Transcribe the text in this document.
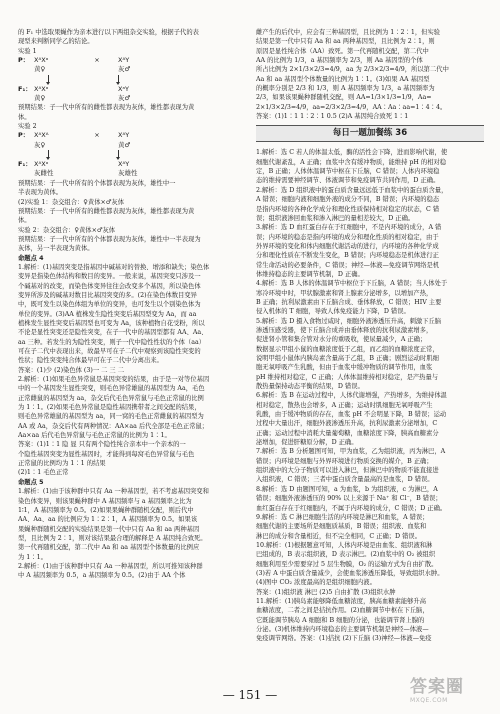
的 F₁ 中选取果蝇作为亲本进行以下两组杂交实验，根据子代的表
现型来判断同学乙的结论。
实验 1
P： XᴬXᵃ	×	XᴬY
黄♀	灰♂
F₁： XᴬXᵃ	XᵃY
黄♀	灰♂
预期结果：子一代中所有的雌性都表现为灰体，雄性都表现为黄
体。
实验 2
P： XᴬXᴬ	×	XᴬY
灰♀	黄♂
F₁： XᴬXᵃ	XᴬY
灰雌性	灰雄性
预期结果：子一代中所有的个体都表现为灰体，雄性中一
半表现为黄体。
(2)实验 1：杂交组合：♀黄体×♂灰体
预期结果：子一代中所有的雌性都表现为灰体，雄性都表现为黄
体。
实验 2：杂交组合：♀黄体×♂灰体
预期结果：子一代中所有的个体都表现为灰体，雄性中一半表现为
灰体，另一半表现为黄体。
命题点 4
1.解析：(1)基因突变是指基因中碱基对的替换、增添和缺失；染色体
变异是指染色体结构和数目的变异。一般来说，基因突变只涉及一
个碱基对的改变，而染色体变异往往会改变多个基因，所以染色体
变异所涉及的碱基对数目比基因突变的多。(2)在染色体数目变异
中，既可发生以染色体组为单位的变异，也可发生以个别染色体为
单位的变异。(3)AA 植株发生隐性突变后基因型变为 Aa，而 aa
植株发生显性突变后基因型也可变为 Aa，该种植物自花受粉，所以
不论是显性突变还是隐性突变，在子一代中的基因型都有 AA、Aa、
aa 三种。若发生的为隐性突变，则子一代中隐性性状的个体（aa）
可在子二代中表现出来，故最早可在子二代中观察到该隐性突变的
性状；隐性突变纯合体最早可在子二代中分离出来。
答案：(1)少 (2)染色体 (3)一 二 三 二
2.解析：(1)如果毛色异常鼠是基因突变的结果，由于是一对等位基因
中的一个基因发生显性突变，则毛色异常雄鼠的基因型为 Aa，毛色
正常雌鼠的基因型为 aa，杂交后代毛色异常鼠与毛色正常鼠的比例
为 1∶1。(2)如果毛色异常鼠是隐性基因携带者之间交配的结果，
则毛色异常雄鼠的基因型为 aa，同一窝的毛色正常雌鼠的基因型为
AA 或 Aa，杂交后代有两种情况：AA×aa 后代全部是毛色正常鼠；
Aa×aa 后代毛色异常鼠与毛色正常鼠的比例为 1∶1。
答案：(1)1∶1 隐 显 只有两个隐性纯合亲本中一个亲本的一
个隐性基因突变为显性基因时，才能得到每窝毛色异常鼠与毛色
正常鼠的比例均为 1∶1 的结果
(2)1∶1 毛色正常
命题点 5
1.解析：(1)由于该种群中只有 Aa 一种基因型，若不考虑基因突变和
染色体变异，则该果蝇种群中 A 基因频率与 a 基因频率之比为
1∶1，A 基因频率为 0.5。(2)如果果蝇种群随机交配，则后代中
AA、Aa、aa 的比例应为 1∶2∶1，A 基因频率为 0.5。如果该
果蝇种群随机交配的实验结果是第一代中只有 Aa 和 aa 两种基因
型，且比例为 2∶1，则对该结果最合理的解释是 A 基因纯合致死。
第一代再随机交配，第二代中 Aa 和 aa 基因型个体数量的比例应
为 1∶1。
2.解析：(1)由于该种群中只有 Aa 一种基因型，所以可推知该种群
中 A 基因频率为 0.5，a 基因频率为 0.5。(2)由于 AA 个体
雌产生的后代中，应会有三种基因型，且比例为 1∶2∶1，但实验
结果是第一代中只有 Aa 和 aa 两种基因型，且比例为 2∶1，则
原因是显性纯合体（AA）致死。第一代再随机交配，第二代中
AA 的比例为 1/3，a 基因频率为 2/3，则 Aa 基因型的个体
所占比例为 2×1/3×2/3=4/9，aa 为 2/3×2/3=4/9，所以第二代中
Aa 和 aa 基因型个体数量的比例为 1∶1。(3)如果 AA 基因型
的概率分别是 2/3 和 1/3，则 A 基因频率为 1/3，a 基因频率为
2/3，如果该果蝇种群随机交配，则 AA=1/3×1/3=1/9，Aa=
2×1/3×2/3=4/9，aa=2/3×2/3=4/9，AA∶Aa∶aa=1∶4∶4。
答案：(1)1∶1 1∶2∶1 0.5 (2)A 基因纯合致死 1∶1
每日一题加餐练 36
1.解析：选 C 若人的体温太低，酶的活性会下降，进而影响代谢，使
细胞代谢紊乱，A 正确；血浆中含有缓冲物质，能维持 pH 的相对稳
定，B 正确；人体体温调节中枢在下丘脑，C 错误；人体内环境稳
态的维持需要神经调节、体液调节和免疫调节共同作用，D 正确。
2.解析：选 D 组织液中的蛋白质含量远远低于血浆中的蛋白质含量，
A 错误；细胞内液和细胞外液的成分不同，B 错误；内环境的稳态
是指内环境的各种化学成分和理化性质保持相对稳定的状态，C 错
误；组织液渗回血浆和渗入淋巴的量相差较大，D 正确。
3.解析：选 D 血红蛋白存在于红细胞中，不是内环境的成分，A 错
误；内环境的稳态是指内环境的成分和理化性质的相对稳定，由于
外界环境的变化和体内细胞代谢活动的进行，内环境的各种化学成
分和理化性质在不断发生变化，B 错误；内环境稳态是机体进行正
常生命活动的必要条件，C 错误；神经—体液—免疫调节网络是机
体维持稳态的主要调节机制，D 正确。
4.解析：选 B 人体的体温调节中枢位于下丘脑，A 错误；当人体处于
寒冷环境中时，甲状腺激素和肾上腺素分泌增多，以增加产热，
B 正确；抗利尿激素由下丘脑合成、垂体释放，C 错误；HIV 主要
侵入机体的 T 细胞，导致人体免疫能力下降，D 错误。
5.解析：选 D 摄入食物过咸时，细胞外液渗透压升高，刺激下丘脑
渗透压感受器，使下丘脑合成并由垂体释放的抗利尿激素增多，
促进肾小管和集合管对水分的重吸收，使尿量减少，A 正确；
数据显示甲组小鼠的血糖浓度低于乙组，而乙组的血糖浓度正常，
说明甲组小鼠体内胰岛素含量高于乙组，B 正确；剧烈运动时肌细
胞无氧呼吸产生乳酸，但由于血浆中缓冲物质的调节作用，血浆
pH 维持相对稳定，C 正确；人体体温维持相对稳定，是产热量与
散热量保持动态平衡的结果，D 错误。
6.解析：选 B 在运动过程中，人体代谢增强，产热增多，为维持体温
相对稳定，散热也会增多，A 正确；运动时肌细胞无氧呼吸产生
乳酸，由于缓冲物质的存在，血浆 pH 不会明显下降，B 错误；运动
过程中大量出汗，细胞外液渗透压升高，抗利尿激素分泌增加，C
正确；运动过程中消耗大量葡萄糖，血糖浓度下降，胰高血糖素分
泌增加，促进肝糖原分解，D 正确。
7.解析：选 B 分析题图可知，甲为血浆，乙为组织液，丙为淋巴，A
错误；内环境是细胞与外界环境进行物质交换的媒介，B 正确；
组织液中的大分子物质可以进入淋巴，但淋巴中的物质不能直接进
入组织液，C 错误；三者中蛋白质含量最高的是血浆，D 错误。
8.解析：选 D 由题图可知，a 为血浆，b 为组织液，c 为淋巴，A
错误；细胞外液渗透压的 90% 以上来源于 Na⁺ 和 Cl⁻，B 错误；
血红蛋白存在于红细胞内，不属于内环境的成分，C 错误；D 正确。
9.解析：选 C 淋巴细胞生活的内环境是淋巴和血浆，A 错误；
细胞代谢的主要场所是细胞质基质，B 错误；组织液、血浆和
淋巴的成分和含量相近，但不完全相同，C 正确；D 错误。
10.解析：(1)根据题意可知，人体内环境是由血浆、组织液和淋
巴组成的，B 表示组织液，D 表示淋巴。(2)血浆中的 O₂ 被组织
细胞利用至少需要穿过 5 层生物膜，O₂ 的运输方式为自由扩散。
(3)若 A 中蛋白质含量减少，会使血浆渗透压降低，导致组织水肿。
(4)图中 CO₂ 浓度最高的是组织细胞内液。
答案：(1)组织液 淋巴 (2)5 自由扩散 (3)组织水肿
11.解析：(1)胰岛素能够降低血糖浓度，胰高血糖素能够升高
血糖浓度，二者之间是拮抗作用。(2)血糖调节中枢在下丘脑，
它既能调节胰岛 A 细胞和 B 细胞的分泌，也能调节肾上腺的
分泌。(3)机体维持内环境稳态的主要调节机制是神经—体液—
免疫调节网络。答案：(1)拮抗 (2)下丘脑 (3)神经—体液—免疫
— 151 —	答案圈
MXQE.COM
